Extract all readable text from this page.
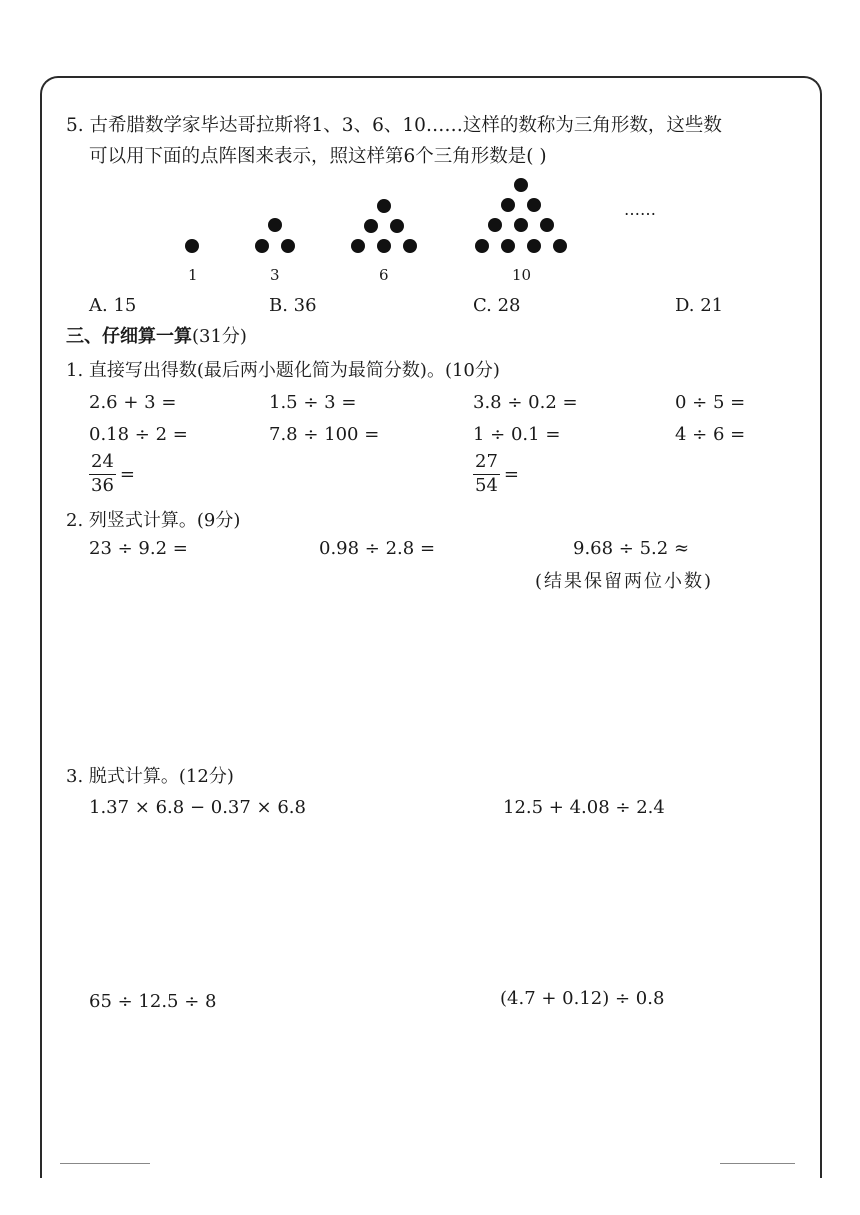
5. 古希腊数学家毕达哥拉斯将1、3、6、10……这样的数称为三角形数，这些数
可以用下面的点阵图来表示，照这样第6个三角形数是( )
1	3	6	10
……
A. 15	B. 36	C. 28	D. 21
三、仔细算一算(31分)
1. 直接写出得数(最后两小题化简为最简分数)。(10分)
2.6 + 3 =	1.5 ÷ 3 =	3.8 ÷ 0.2 =	0 ÷ 5 =
0.18 ÷ 2 =	7.8 ÷ 100 =	1 ÷ 0.1 =	4 ÷ 6 =
$\frac{24}{36}$ =	$\frac{27}{54}$ =
2. 列竖式计算。(9分)
23 ÷ 9.2 =	0.98 ÷ 2.8 =	9.68 ÷ 5.2 ≈
(结果保留两位小数)
3. 脱式计算。(12分)
1.37 × 6.8 − 0.37 × 6.8	12.5 + 4.08 ÷ 2.4
65 ÷ 12.5 ÷ 8	(4.7 + 0.12) ÷ 0.8
